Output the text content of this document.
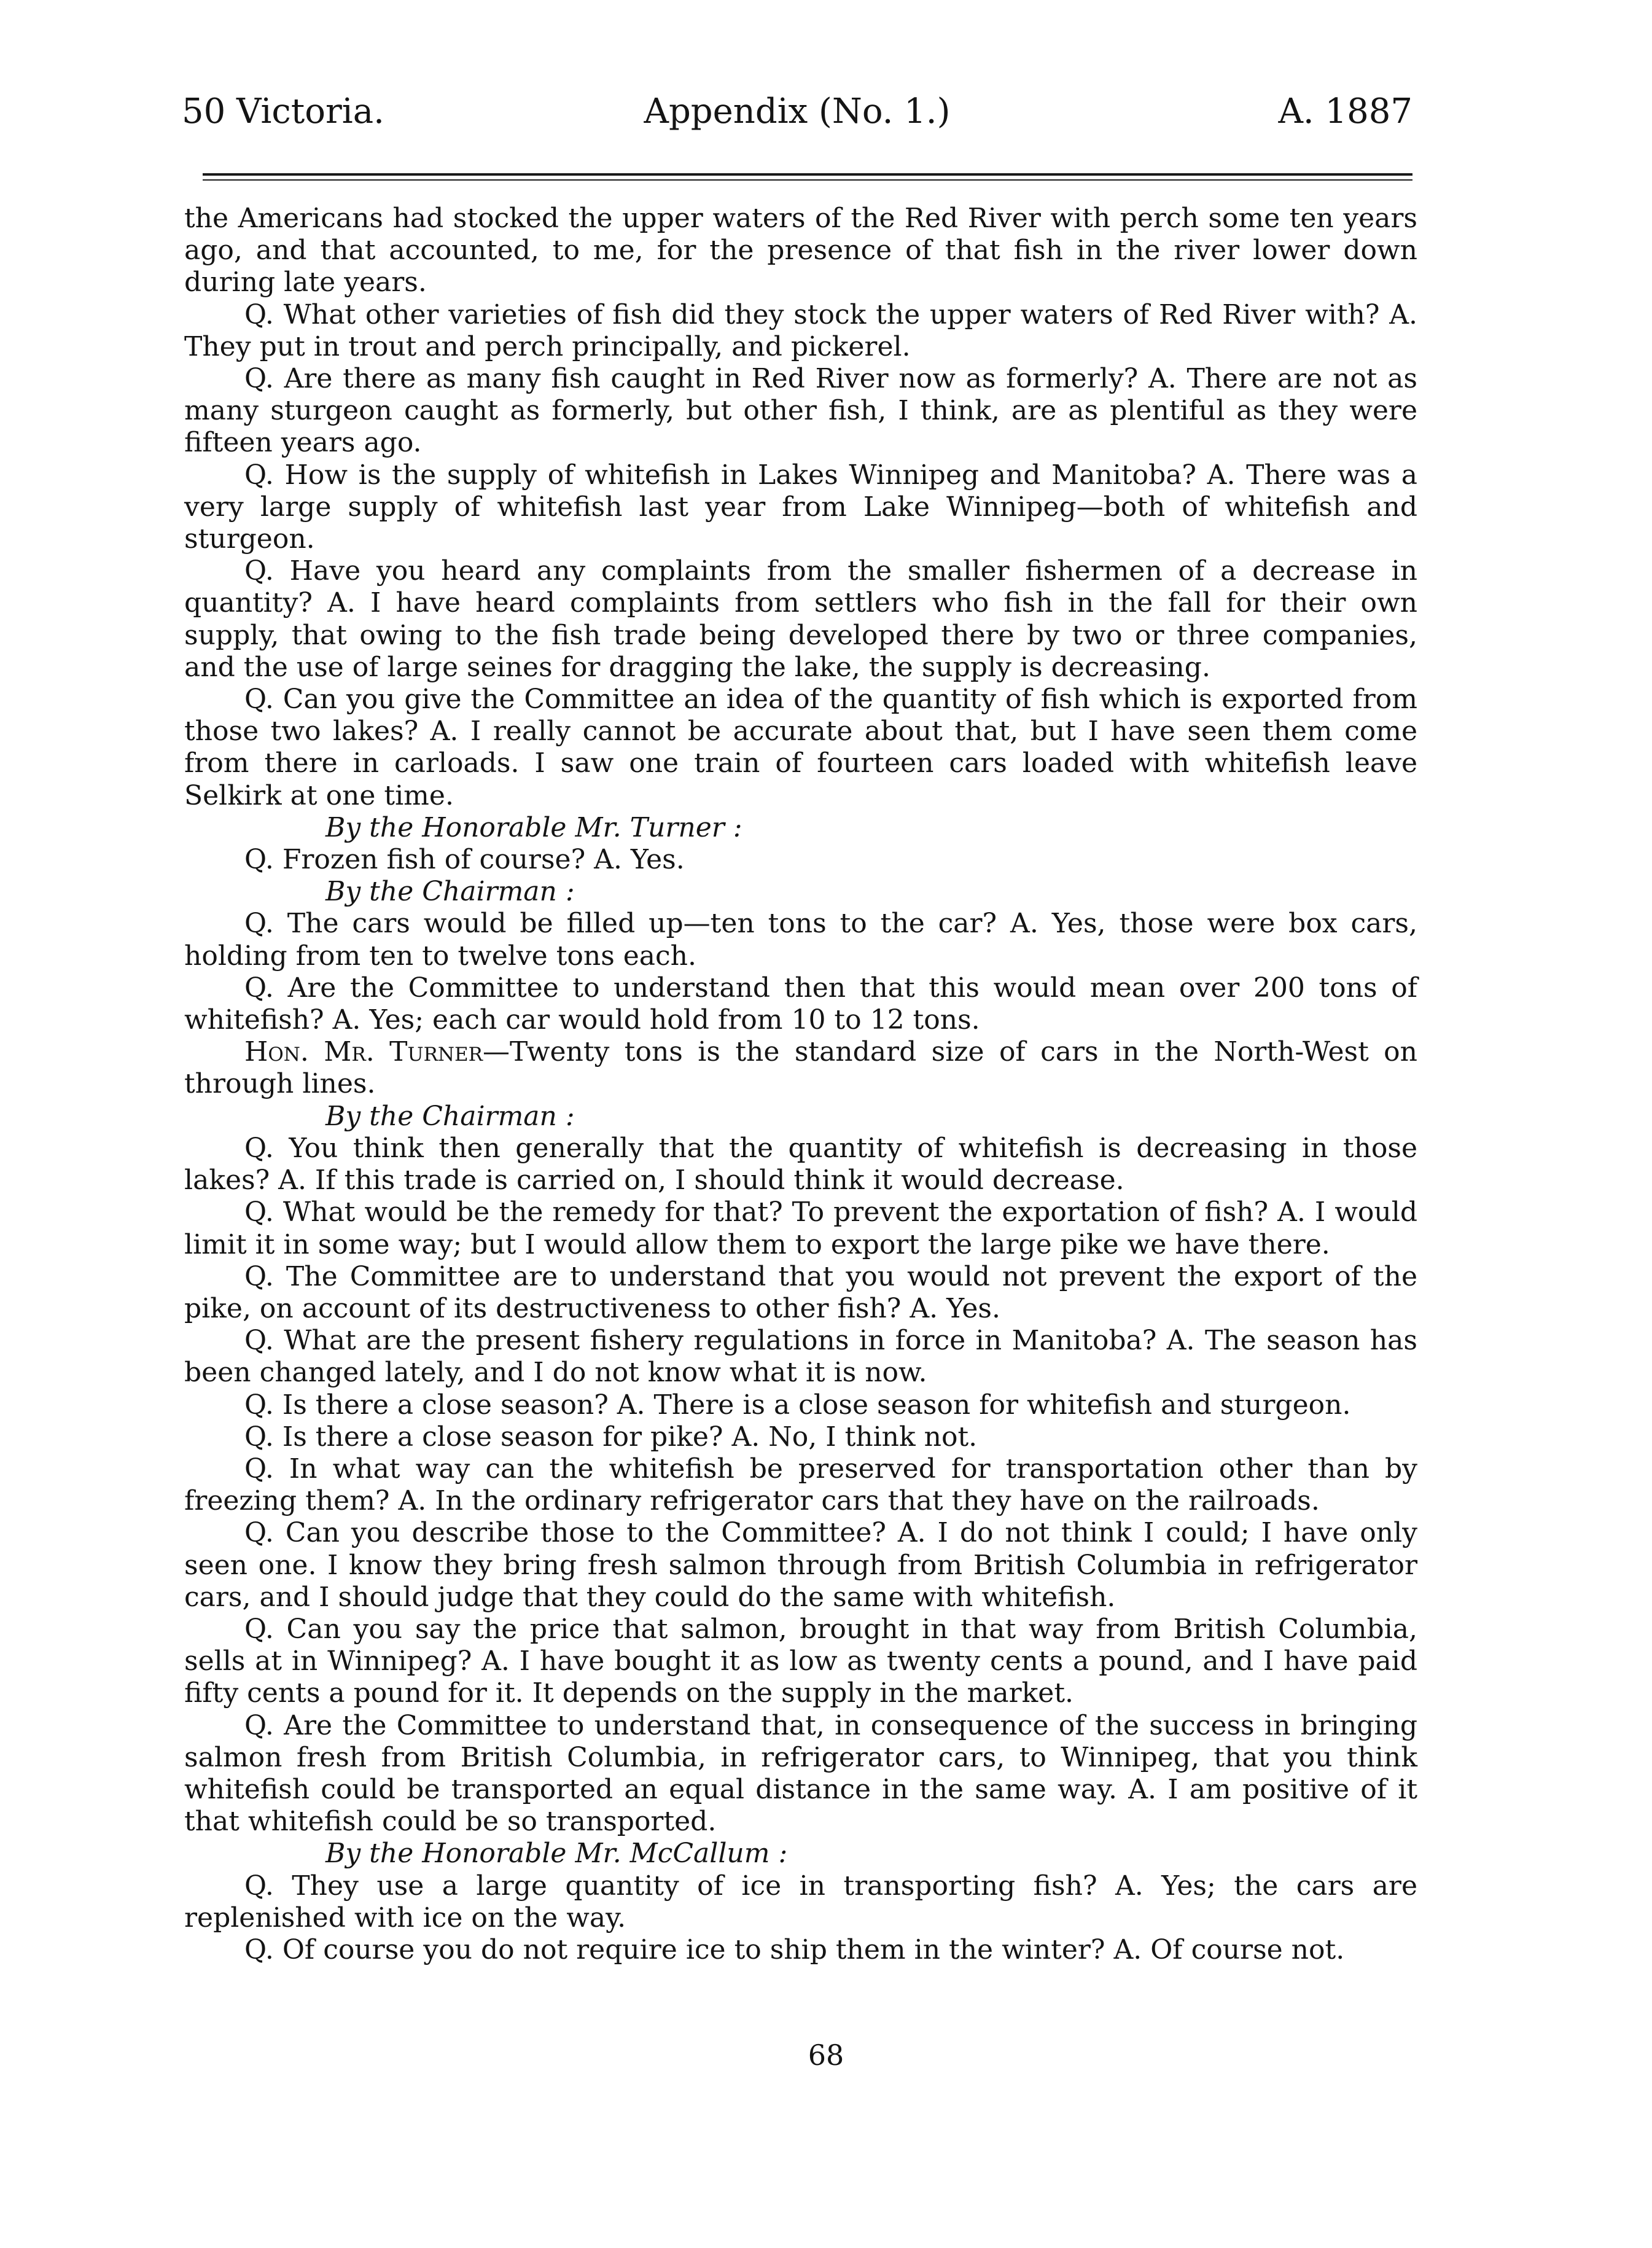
50 Victoria.	Appendix (No. 1.)	A. 1887

the Americans had stocked the upper waters of the Red River with perch some ten years ago, and that accounted, to me, for the presence of that fish in the river lower down during late years.

Q. What other varieties of fish did they stock the upper waters of Red River with? A. They put in trout and perch principally, and pickerel.

Q. Are there as many fish caught in Red River now as formerly? A. There are not as many sturgeon caught as formerly, but other fish, I think, are as plentiful as they were fifteen years ago.

Q. How is the supply of whitefish in Lakes Winnipeg and Manitoba? A. There was a very large supply of whitefish last year from Lake Winnipeg—both of whitefish and sturgeon.

Q. Have you heard any complaints from the smaller fishermen of a decrease in quantity? A. I have heard complaints from settlers who fish in the fall for their own supply, that owing to the fish trade being developed there by two or three companies, and the use of large seines for dragging the lake, the supply is decreasing.

Q. Can you give the Committee an idea of the quantity of fish which is exported from those two lakes? A. I really cannot be accurate about that, but I have seen them come from there in carloads. I saw one train of fourteen cars loaded with whitefish leave Selkirk at one time.

By the Honorable Mr. Turner :

Q. Frozen fish of course? A. Yes.

By the Chairman :

Q. The cars would be filled up—ten tons to the car? A. Yes, those were box cars, holding from ten to twelve tons each.

Q. Are the Committee to understand then that this would mean over 200 tons of whitefish? A. Yes; each car would hold from 10 to 12 tons.

Hon. Mr. Turner—Twenty tons is the standard size of cars in the North-West on through lines.

By the Chairman :

Q. You think then generally that the quantity of whitefish is decreasing in those lakes? A. If this trade is carried on, I should think it would decrease.

Q. What would be the remedy for that? To prevent the exportation of fish? A. I would limit it in some way; but I would allow them to export the large pike we have there.

Q. The Committee are to understand that you would not prevent the export of the pike, on account of its destructiveness to other fish? A. Yes.

Q. What are the present fishery regulations in force in Manitoba? A. The season has been changed lately, and I do not know what it is now.

Q. Is there a close season? A. There is a close season for whitefish and sturgeon.

Q. Is there a close season for pike? A. No, I think not.

Q. In what way can the whitefish be preserved for transportation other than by freezing them? A. In the ordinary refrigerator cars that they have on the railroads.

Q. Can you describe those to the Committee? A. I do not think I could; I have only seen one. I know they bring fresh salmon through from British Columbia in refrigerator cars, and I should judge that they could do the same with whitefish.

Q. Can you say the price that salmon, brought in that way from British Columbia, sells at in Winnipeg? A. I have bought it as low as twenty cents a pound, and I have paid fifty cents a pound for it. It depends on the supply in the market.

Q. Are the Committee to understand that, in consequence of the success in bringing salmon fresh from British Columbia, in refrigerator cars, to Winnipeg, that you think whitefish could be transported an equal distance in the same way. A. I am positive of it that whitefish could be so transported.

By the Honorable Mr. McCallum :

Q. They use a large quantity of ice in transporting fish? A. Yes; the cars are replenished with ice on the way.

Q. Of course you do not require ice to ship them in the winter? A. Of course not.

68
